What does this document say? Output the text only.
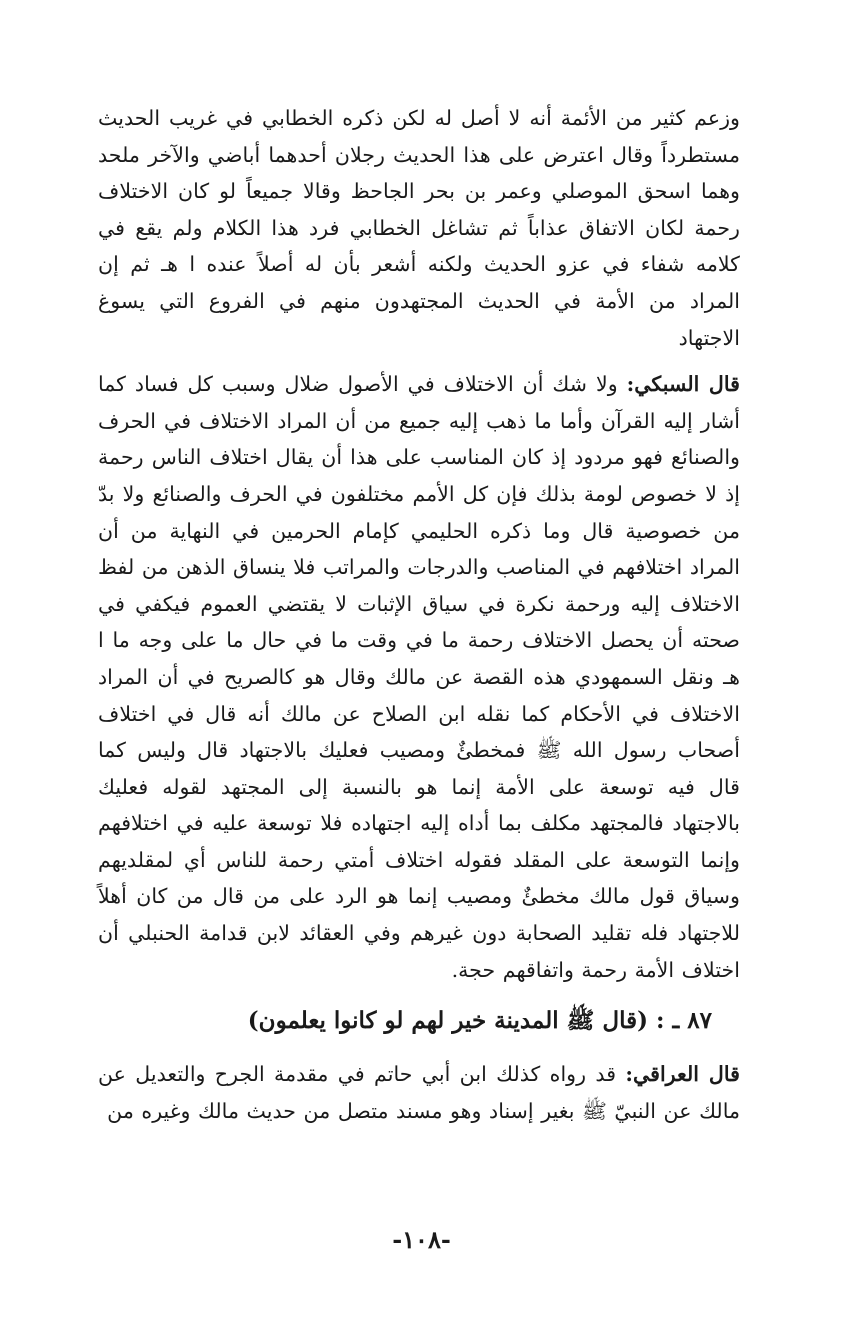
وزعم كثير من الأئمة أنه لا أصل له لكن ذكره الخطابي في غريب الحديث مستطرداً وقال اعترض على هذا الحديث رجلان أحدهما أباضي والآخر ملحد وهما اسحق الموصلي وعمر بن بحر الجاحظ وقالا جميعاً لو كان الاختلاف رحمة لكان الاتفاق عذاباً ثم تشاغل الخطابي فرد هذا الكلام ولم يقع في كلامه شفاء في عزو الحديث ولكنه أشعر بأن له أصلاً عنده ا هـ ثم إن المراد من الأمة في الحديث المجتهدون منهم في الفروع التي يسوغ الاجتهاد

قال السبكي: ولا شك أن الاختلاف في الأصول ضلال وسبب كل فساد كما أشار إليه القرآن وأما ما ذهب إليه جميع من أن المراد الاختلاف في الحرف والصنائع فهو مردود إذ كان المناسب على هذا أن يقال اختلاف الناس رحمة إذ لا خصوص لومة بذلك فإن كل الأمم مختلفون في الحرف والصنائع ولا بدّ من خصوصية قال وما ذكره الحليمي كإمام الحرمين في النهاية من أن المراد اختلافهم في المناصب والدرجات والمراتب فلا ينساق الذهن من لفظ الاختلاف إليه ورحمة نكرة في سياق الإثبات لا يقتضي العموم فيكفي في صحته أن يحصل الاختلاف رحمة ما في وقت ما في حال ما على وجه ما ا هـ ونقل السمهودي هذه القصة عن مالك وقال هو كالصريح في أن المراد الاختلاف في الأحكام كما نقله ابن الصلاح عن مالك أنه قال في اختلاف أصحاب رسول الله ﷺ فمخطئٌ ومصيب فعليك بالاجتهاد قال وليس كما قال فيه توسعة على الأمة إنما هو بالنسبة إلى المجتهد لقوله فعليك بالاجتهاد فالمجتهد مكلف بما أداه إليه اجتهاده فلا توسعة عليه في اختلافهم وإنما التوسعة على المقلد فقوله اختلاف أمتي رحمة للناس أي لمقلديهم وسياق قول مالك مخطئٌ ومصيب إنما هو الرد على من قال من كان أهلاً للاجتهاد فله تقليد الصحابة دون غيرهم وفي العقائد لابن قدامة الحنبلي أن اختلاف الأمة رحمة واتفاقهم حجة.

٨٧ ـ : (قال ﷺ المدينة خير لهم لو كانوا يعلمون)

قال العراقي: قد رواه كذلك ابن أبي حاتم في مقدمة الجرح والتعديل عن مالك عن النبيّ ﷺ بغير إسناد وهو مسند متصل من حديث مالك وغيره من

-١٠٨-
